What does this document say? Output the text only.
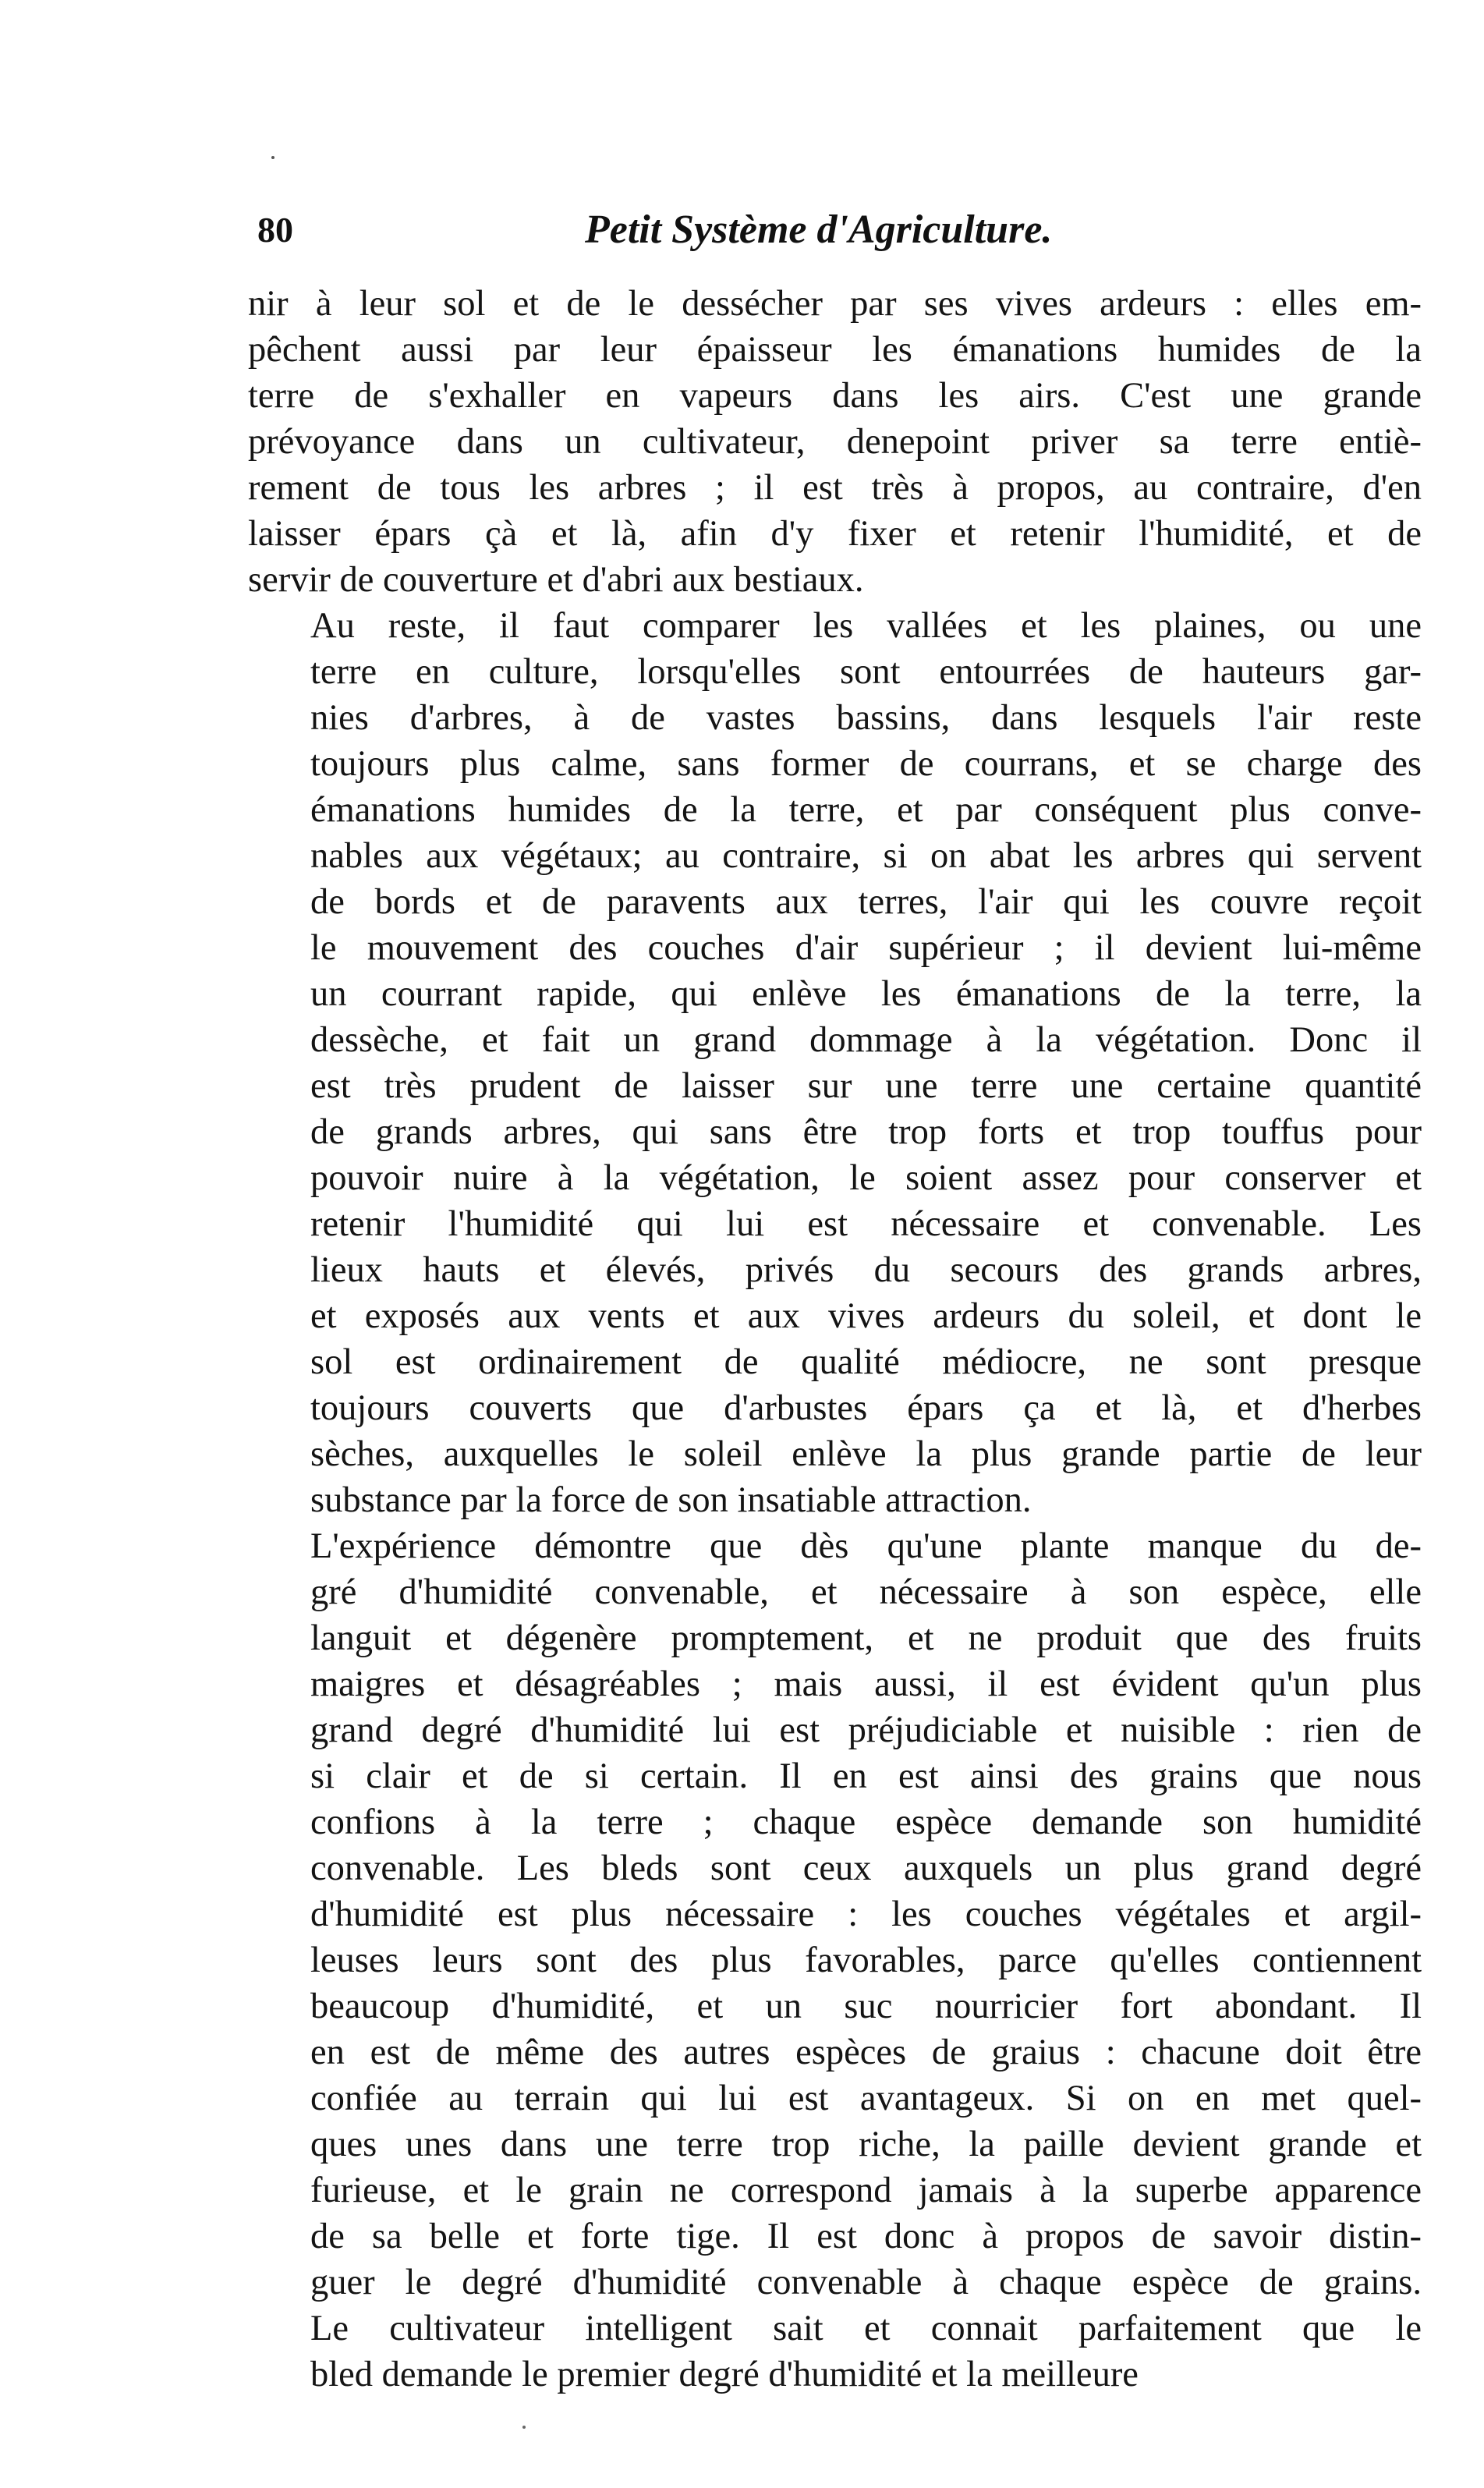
80	Petit Système d'Agriculture.

nir à leur sol et de le dessécher par ses vives ardeurs : elles em-
pêchent aussi par leur épaisseur les émanations humides de la
terre de s'exhaller en vapeurs dans les airs. C'est une grande
prévoyance dans un cultivateur, denepoint priver sa terre entiè-
rement de tous les arbres ; il est très à propos, au contraire, d'en
laisser épars çà et là, afin d'y fixer et retenir l'humidité, et de
servir de couverture et d'abri aux bestiaux.

Au reste, il faut comparer les vallées et les plaines, ou une
terre en culture, lorsqu'elles sont entourrées de hauteurs gar-
nies d'arbres, à de vastes bassins, dans lesquels l'air reste
toujours plus calme, sans former de courrans, et se charge des
émanations humides de la terre, et par conséquent plus conve-
nables aux végétaux; au contraire, si on abat les arbres qui servent
de bords et de paravents aux terres, l'air qui les couvre reçoit
le mouvement des couches d'air supérieur ; il devient lui-même
un courrant rapide, qui enlève les émanations de la terre, la
dessèche, et fait un grand dommage à la végétation. Donc il
est très prudent de laisser sur une terre une certaine quantité
de grands arbres, qui sans être trop forts et trop touffus pour
pouvoir nuire à la végétation, le soient assez pour conserver et
retenir l'humidité qui lui est nécessaire et convenable. Les
lieux hauts et élevés, privés du secours des grands arbres,
et exposés aux vents et aux vives ardeurs du soleil, et dont le
sol est ordinairement de qualité médiocre, ne sont presque
toujours couverts que d'arbustes épars ça et là, et d'herbes
sèches, auxquelles le soleil enlève la plus grande partie de leur
substance par la force de son insatiable attraction.

L'expérience démontre que dès qu'une plante manque du de-
gré d'humidité convenable, et nécessaire à son espèce, elle
languit et dégenère promptement, et ne produit que des fruits
maigres et désagréables ; mais aussi, il est évident qu'un plus
grand degré d'humidité lui est préjudiciable et nuisible : rien de
si clair et de si certain. Il en est ainsi des grains que nous
confions à la terre ; chaque espèce demande son humidité
convenable. Les bleds sont ceux auxquels un plus grand degré
d'humidité est plus nécessaire : les couches végétales et argil-
leuses leurs sont des plus favorables, parce qu'elles contiennent
beaucoup d'humidité, et un suc nourricier fort abondant. Il
en est de même des autres espèces de graius : chacune doit être
confiée au terrain qui lui est avantageux. Si on en met quel-
ques unes dans une terre trop riche, la paille devient grande et
furieuse, et le grain ne correspond jamais à la superbe apparence
de sa belle et forte tige. Il est donc à propos de savoir distin-
guer le degré d'humidité convenable à chaque espèce de grains.
Le cultivateur intelligent sait et connait parfaitement que le
bled demande le premier degré d'humidité et la meilleure
